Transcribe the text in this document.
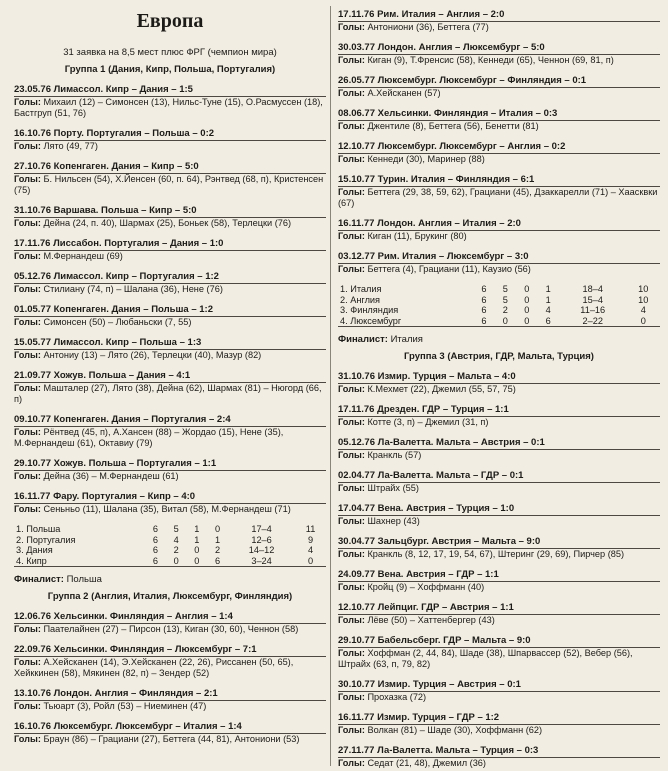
Европа
31 заявка на 8,5 мест плюс ФРГ (чемпион мира)
Группа 1 (Дания, Кипр, Польша, Португалия)
23.05.76 Лимассол. Кипр – Дания – 1:5
Голы: Михаил (12) – Симонсен (13), Нильс-Туне (15), О.Расмуссен (18), Бастгруп (51, 76)
16.10.76 Порту. Португалия – Польша – 0:2
Голы: Лято (49, 77)
27.10.76 Копенгаген. Дания – Кипр – 5:0
Голы: Б. Нильсен (54), Х.Йенсен (60, п. 64), Рэнтвед (68, п), Кристенсен (75)
31.10.76 Варшава. Польша – Кипр – 5:0
Голы: Дейна (24, п. 40), Шармах (25), Боньек (58), Терлецки (76)
17.11.76 Лиссабон. Португалия – Дания – 1:0
Голы: М.Фернандеш (69)
05.12.76 Лимассол. Кипр – Португалия – 1:2
Голы: Стилиану (74, п) – Шалана (36), Нене (76)
01.05.77 Копенгаген. Дания – Польша – 1:2
Голы: Симонсен (50) – Любаньски (7, 55)
15.05.77 Лимассол. Кипр – Польша – 1:3
Голы: Антониу (13) – Лято (26), Терлецки (40), Мазур (82)
21.09.77 Хожув. Польша – Дания – 4:1
Голы: Машталер (27), Лято (38), Дейна (62), Шармах (81) – Нюгорд (66, п)
09.10.77 Копенгаген. Дания – Португалия – 2:4
Голы: Рёнтвед (45, п), А.Хансен (88) – Жордао (15), Нене (35), М.Фернандеш (61), Октавиу (79)
29.10.77 Хожув. Польша – Португалия – 1:1
Голы: Дейна (36) – М.Фернандеш (61)
16.11.77 Фару. Португалия – Кипр – 4:0
Голы: Сеньньо (11), Шалана (35), Витал (58), М.Фернандеш (71)
1. Польша	6	5	1	0	17–4	11
2. Португалия	6	4	1	1	12–6	9
3. Дания	6	2	0	2	14–12	4
4. Кипр	6	0	0	6	3–24	0
Финалист: Польша
Группа 2 (Англия, Италия, Люксембург, Финляндия)
12.06.76 Хельсинки. Финляндия – Англия – 1:4
Голы: Паателайнен (27) – Пирсон (13), Киган (30, 60), Ченнон (58)
22.09.76 Хельсинки. Финляндия – Люксембург – 7:1
Голы: А.Хейсканен (14), Э.Хейсканен (22, 26), Риссанен (50, 65), Хейккинен (58), Мякинен (82, п) – Зендер (52)
13.10.76 Лондон. Англия – Финляндия – 2:1
Голы: Тьюарт (3), Ройл (53) – Ниеминен (47)
16.10.76 Люксембург. Люксембург – Италия – 1:4
Голы: Браун (86) – Грациани (27), Беттега (44, 81), Антониони (53)
17.11.76 Рим. Италия – Англия – 2:0
Голы: Антониони (36), Беттега (77)
30.03.77 Лондон. Англия – Люксембург – 5:0
Голы: Киган (9), Т.Френсис (58), Кеннеди (65), Ченнон (69, 81, п)
26.05.77 Люксембург. Люксембург – Финляндия – 0:1
Голы: А.Хейсканен (57)
08.06.77 Хельсинки. Финляндия – Италия – 0:3
Голы: Джентиле (8), Беттега (56), Бенетти (81)
12.10.77 Люксембург. Люксембург – Англия – 0:2
Голы: Кеннеди (30), Маринер (88)
15.10.77 Турин. Италия – Финляндия – 6:1
Голы: Беттега (29, 38, 59, 62), Грациани (45), Дзаккарелли (71) – Хаасквки (67)
16.11.77 Лондон. Англия – Италия – 2:0
Голы: Киган (11), Брукинг (80)
03.12.77 Рим. Италия – Люксембург – 3:0
Голы: Беттега (4), Грациани (11), Каузио (56)
1. Италия	6	5	0	1	18–4	10
2. Англия	6	5	0	1	15–4	10
3. Финляндия	6	2	0	4	11–16	4
4. Люксембург	6	0	0	6	2–22	0
Финалист: Италия
Группа 3 (Австрия, ГДР, Мальта, Турция)
31.10.76 Измир. Турция – Мальта – 4:0
Голы: К.Мехмет (22), Джемил (55, 57, 75)
17.11.76 Дрезден. ГДР – Турция – 1:1
Голы: Котте (3, п) – Джемил (31, п)
05.12.76 Ла-Валетта. Мальта – Австрия – 0:1
Голы: Кранкль (57)
02.04.77 Ла-Валетта. Мальта – ГДР – 0:1
Голы: Штрайх (55)
17.04.77 Вена. Австрия – Турция – 1:0
Голы: Шахнер (43)
30.04.77 Зальцбург. Австрия – Мальта – 9:0
Голы: Кранкль (8, 12, 17, 19, 54, 67), Штеринг (29, 69), Пирчер (85)
24.09.77 Вена. Австрия – ГДР – 1:1
Голы: Кройц (9) – Хоффманн (40)
12.10.77 Лейпциг. ГДР – Австрия – 1:1
Голы: Лёве (50) – Хаттенбергер (43)
29.10.77 Бабельсберг. ГДР – Мальта – 9:0
Голы: Хоффман (2, 44, 84), Шаде (38), Шпарвассер (52), Вебер (56), Штрайх (63, п, 79, 82)
30.10.77 Измир. Турция – Австрия – 0:1
Голы: Прохазка (72)
16.11.77 Измир. Турция – ГДР – 1:2
Голы: Волкан (81) – Шаде (30), Хоффманн (62)
27.11.77 Ла-Валетта. Мальта – Турция – 0:3
Голы: Седат (21, 48), Джемил (36)
